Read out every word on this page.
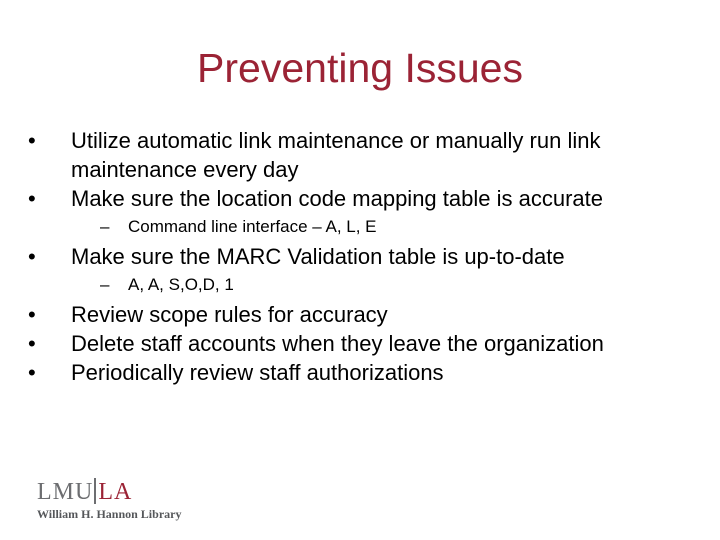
Preventing Issues
•	Utilize automatic link maintenance or manually run link
maintenance every day
•	Make sure the location code mapping table is accurate
– Command line interface – A, L, E
•	Make sure the MARC Validation table is up-to-date
– A, A, S,O,D, 1
•	Review scope rules for accuracy
•	Delete staff accounts when they leave the organization
•	Periodically review staff authorizations
LMU LA
William H. Hannon Library
